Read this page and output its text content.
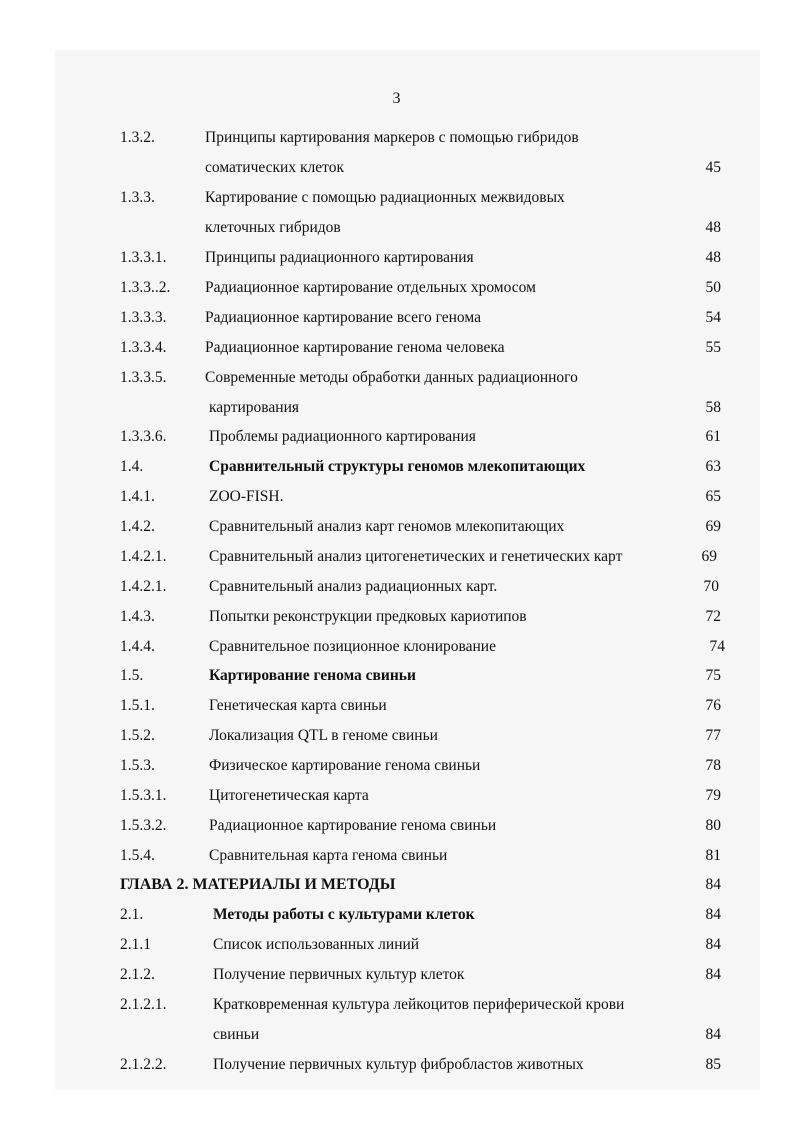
3
1.3.2.	Принципы картирования маркеров с помощью гибридов
соматических клеток	45
1.3.3.	Картирование с помощью радиационных межвидовых
клеточных гибридов	48
1.3.3.1. Принципы радиационного картирования	48
1.3.3..2. Радиационное картирование отдельных хромосом	50
1.3.3.3. Радиационное картирование всего генома	54
1.3.3.4. Радиационное картирование генома человека	55
1.3.3.5. Современные методы обработки данных радиационного
картирования	58
1.3.3.6.	Проблемы радиационного картирования	61
1.4.	Сравнительный структуры геномов млекопитающих	63
1.4.1.	ZOO-FISH.	65
1.4.2.	Сравнительный анализ карт геномов млекопитающих	69
1.4.2.1.	Сравнительный анализ цитогенетических и генетических карт	69
1.4.2.1.	Сравнительный анализ радиационных карт.	70
1.4.3.	Попытки реконструкции предковых кариотипов	72
1.4.4.	Сравнительное позиционное клонирование	74
1.5.	Картирование генома свиньи	75
1.5.1.	Генетическая карта свиньи	76
1.5.2.	Локализация QTL в геноме свиньи	77
1.5.3.	Физическое картирование генома свиньи	78
1.5.3.1.	Цитогенетическая карта	79
1.5.3.2.	Радиационное картирование генома свиньи	80
1.5.4.	Сравнительная карта генома свиньи	81
ГЛАВА 2. МАТЕРИАЛЫ И МЕТОДЫ	84
2.1.	Методы работы с культурами клеток	84
2.1.1	Список использованных линий	84
2.1.2.	Получение первичных культур клеток	84
2.1.2.1.	Кратковременная культура лейкоцитов периферической крови
свиньи	84
2.1.2.2.	Получение первичных культур фибробластов животных	85
